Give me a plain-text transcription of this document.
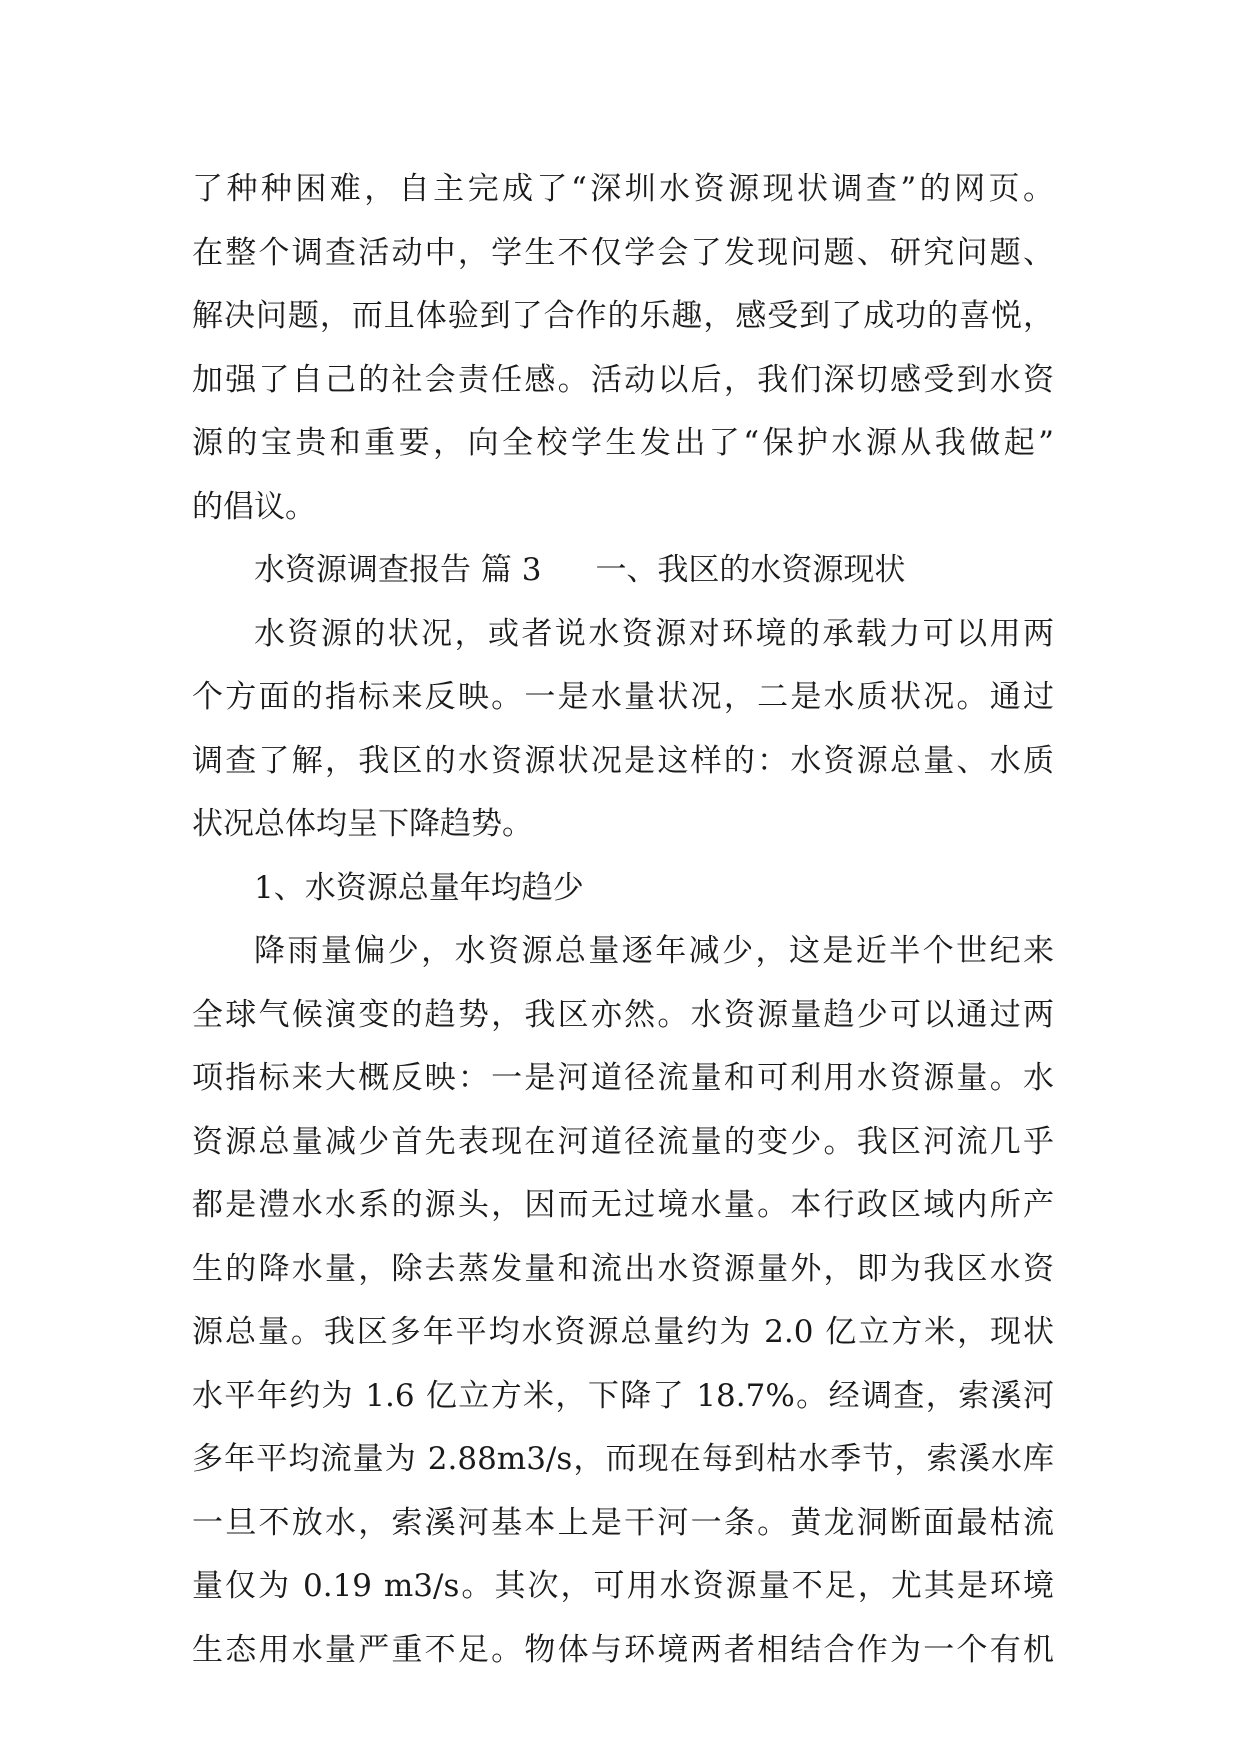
了种种困难，自主完成了“深圳水资源现状调查”的网页。
在整个调查活动中，学生不仅学会了发现问题、研究问题、
解决问题，而且体验到了合作的乐趣，感受到了成功的喜悦，
加强了自己的社会责任感。活动以后，我们深切感受到水资
源的宝贵和重要，向全校学生发出了“保护水源从我做起”
的倡议。
水资源调查报告 篇 3 一、我区的水资源现状
水资源的状况，或者说水资源对环境的承载力可以用两
个方面的指标来反映。一是水量状况，二是水质状况。通过
调查了解，我区的水资源状况是这样的：水资源总量、水质
状况总体均呈下降趋势。
1、水资源总量年均趋少
降雨量偏少，水资源总量逐年减少，这是近半个世纪来
全球气候演变的趋势，我区亦然。水资源量趋少可以通过两
项指标来大概反映：一是河道径流量和可利用水资源量。水
资源总量减少首先表现在河道径流量的变少。我区河流几乎
都是澧水水系的源头，因而无过境水量。本行政区域内所产
生的降水量，除去蒸发量和流出水资源量外，即为我区水资
源总量。我区多年平均水资源总量约为 2.0 亿立方米，现状
水平年约为 1.6 亿立方米，下降了 18.7%。经调查，索溪河
多年平均流量为 2.88m3/s，而现在每到枯水季节，索溪水库
一旦不放水，索溪河基本上是干河一条。黄龙洞断面最枯流
量仅为 0.19 m3/s。其次，可用水资源量不足，尤其是环境
生态用水量严重不足。物体与环境两者相结合作为一个有机
